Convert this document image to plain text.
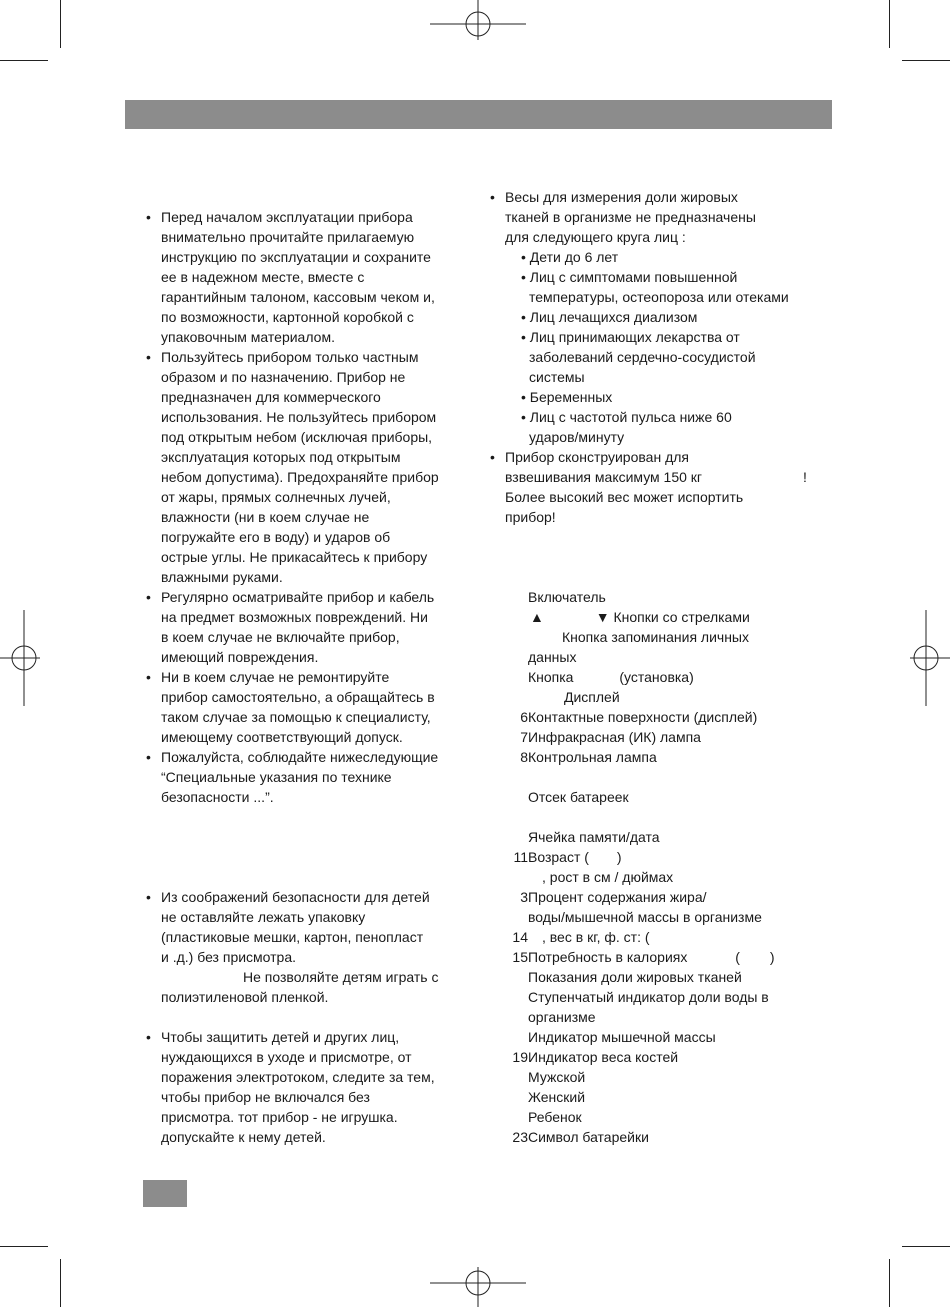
• Перед началом эксплуатации прибора

внимательно прочитайте прилагаемую

инструкцию по эксплуатации и сохраните

ее в надежном месте, вместе с

гарантийным талоном, кассовым чеком и,

по возможности, картонной коробкой с

упаковочным материалом.

• Пользуйтесь прибором только частным

образом и по назначению. Прибор не

предназначен для коммерческого

использования. Не пользуйтесь прибором

под открытым небом (исключая приборы,

эксплуатация которых под открытым

небом допустима). Предохраняйте прибор

от жары, прямых солнечных лучей,

влажности (ни в коем случае не

погружайте его в воду) и ударов об

острые углы. Не прикасайтесь к прибору

влажными руками.

• Регулярно осматривайте прибор и кабель

на предмет возможных повреждений. Ни

в коем случае не включайте прибор,

имеющий повреждения.

• Ни в коем случае не ремонтируйте

прибор самостоятельно, а обращайтесь в

таком случае за помощью к специалисту,

имеющему соответствующий допуск.

• Пожалуйста, соблюдайте нижеследующие

“Специальные указания по технике

безопасности ...”.

• Из соображений безопасности для детей

не оставляйте лежать упаковку

(пластиковые мешки, картон, пенопласт

и .д.) без присмотра.

Не позволяйте детям играть с

полиэтиленовой пленкой.

• Чтобы защитить детей и других лиц,

нуждающихся в уходе и присмотре, от

поражения электротоком, следите за тем,

чтобы прибор не включался без

присмотра. тот прибор - не игрушка.

допускайте к нему детей.

• Весы для измерения доли жировых

тканей в организме не предназначены

для следующего круга лиц :

• Дети до 6 лет

• Лиц с симптомами повышенной

температуры, остеопороза или отеками

• Лиц лечащихся диализом

• Лиц принимающих лекарства от

заболеваний сердечно-сосудистой

системы

• Беременных

• Лиц с частотой пульса ниже 60

ударов/минуту

• Прибор сконструирован для

взвешивания максимум 150 кг	!

Более высокий вес может испортить

прибор!

Включатель
▲	▼ Кнопки со стрелками
Кнопка запоминания личных
данных
Кнопка	(установка)
Дисплей
6 Контактные поверхности (дисплей)
7 Инфракрасная (ИК) лампа
8 Контрольная лампа
Отсек батареек
Ячейка памяти/дата
11 Возраст ( )
, рост в см / дюймах
3 Процент содержания жира/
воды/мышечной массы в организме
14 , вес в кг, ф. ст: (
15 Потребность в калориях	( )
Показания доли жировых тканей
Ступенчатый индикатор доли воды в
организме
Индикатор мышечной массы
19 Индикатор веса костей
Мужской
Женский
Ребенок
23 Символ батарейки
